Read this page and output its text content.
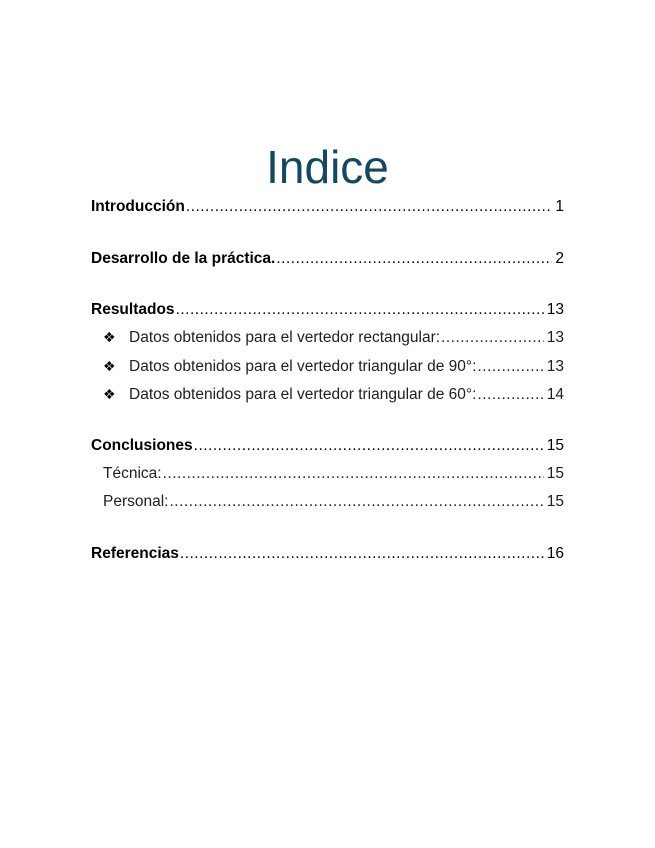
Indice
Introducción .....	1
Desarrollo de la práctica. .....	2
Resultados .....	13
❖ Datos obtenidos para el vertedor rectangular: .....	13
❖ Datos obtenidos para el vertedor triangular de 90°: .....	13
❖ Datos obtenidos para el vertedor triangular de 60°: .....	14
Conclusiones .....	15
Técnica: .....	15
Personal: .....	15
Referencias .....	16
